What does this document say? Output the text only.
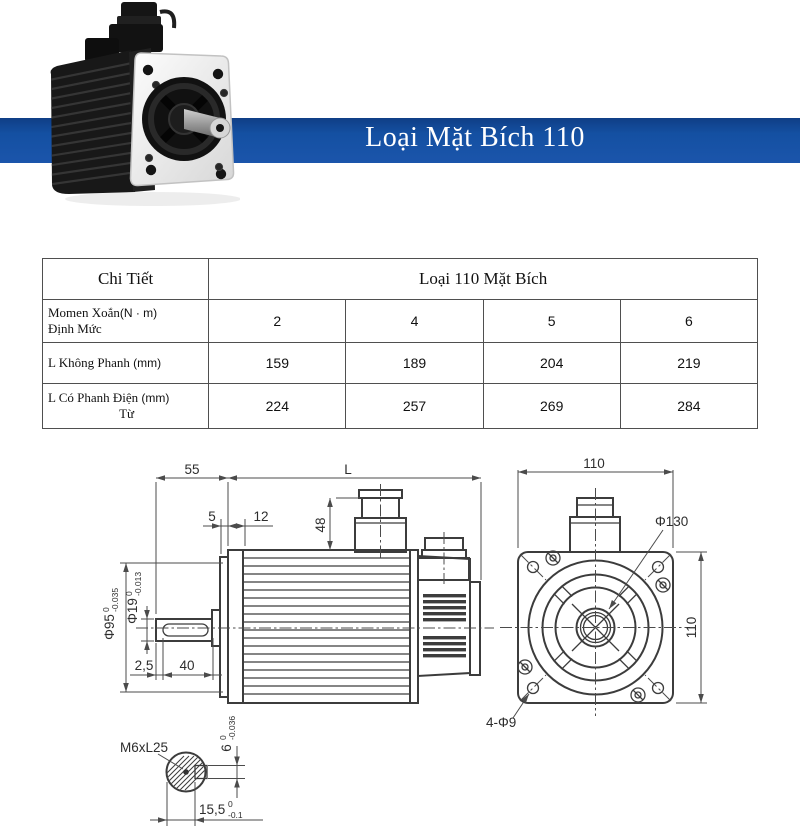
Loại Mặt Bích 110
Chi Tiết	Loại 110 Mặt Bích			

Momen Xoắn(N · m)
Định Mức	2	4	5	6

L Không Phanh (mm)	159	189	204	219

L Có Phanh Điện (mm)
Từ	224	257	269	284
55	L
5	12
48
Φ95
0 -0.035 Φ19
0 -0.013
2,5 40
110
110
Φ130
4-Φ9
M6xL25	6
0 -0.036
15,5 0
-0.1
